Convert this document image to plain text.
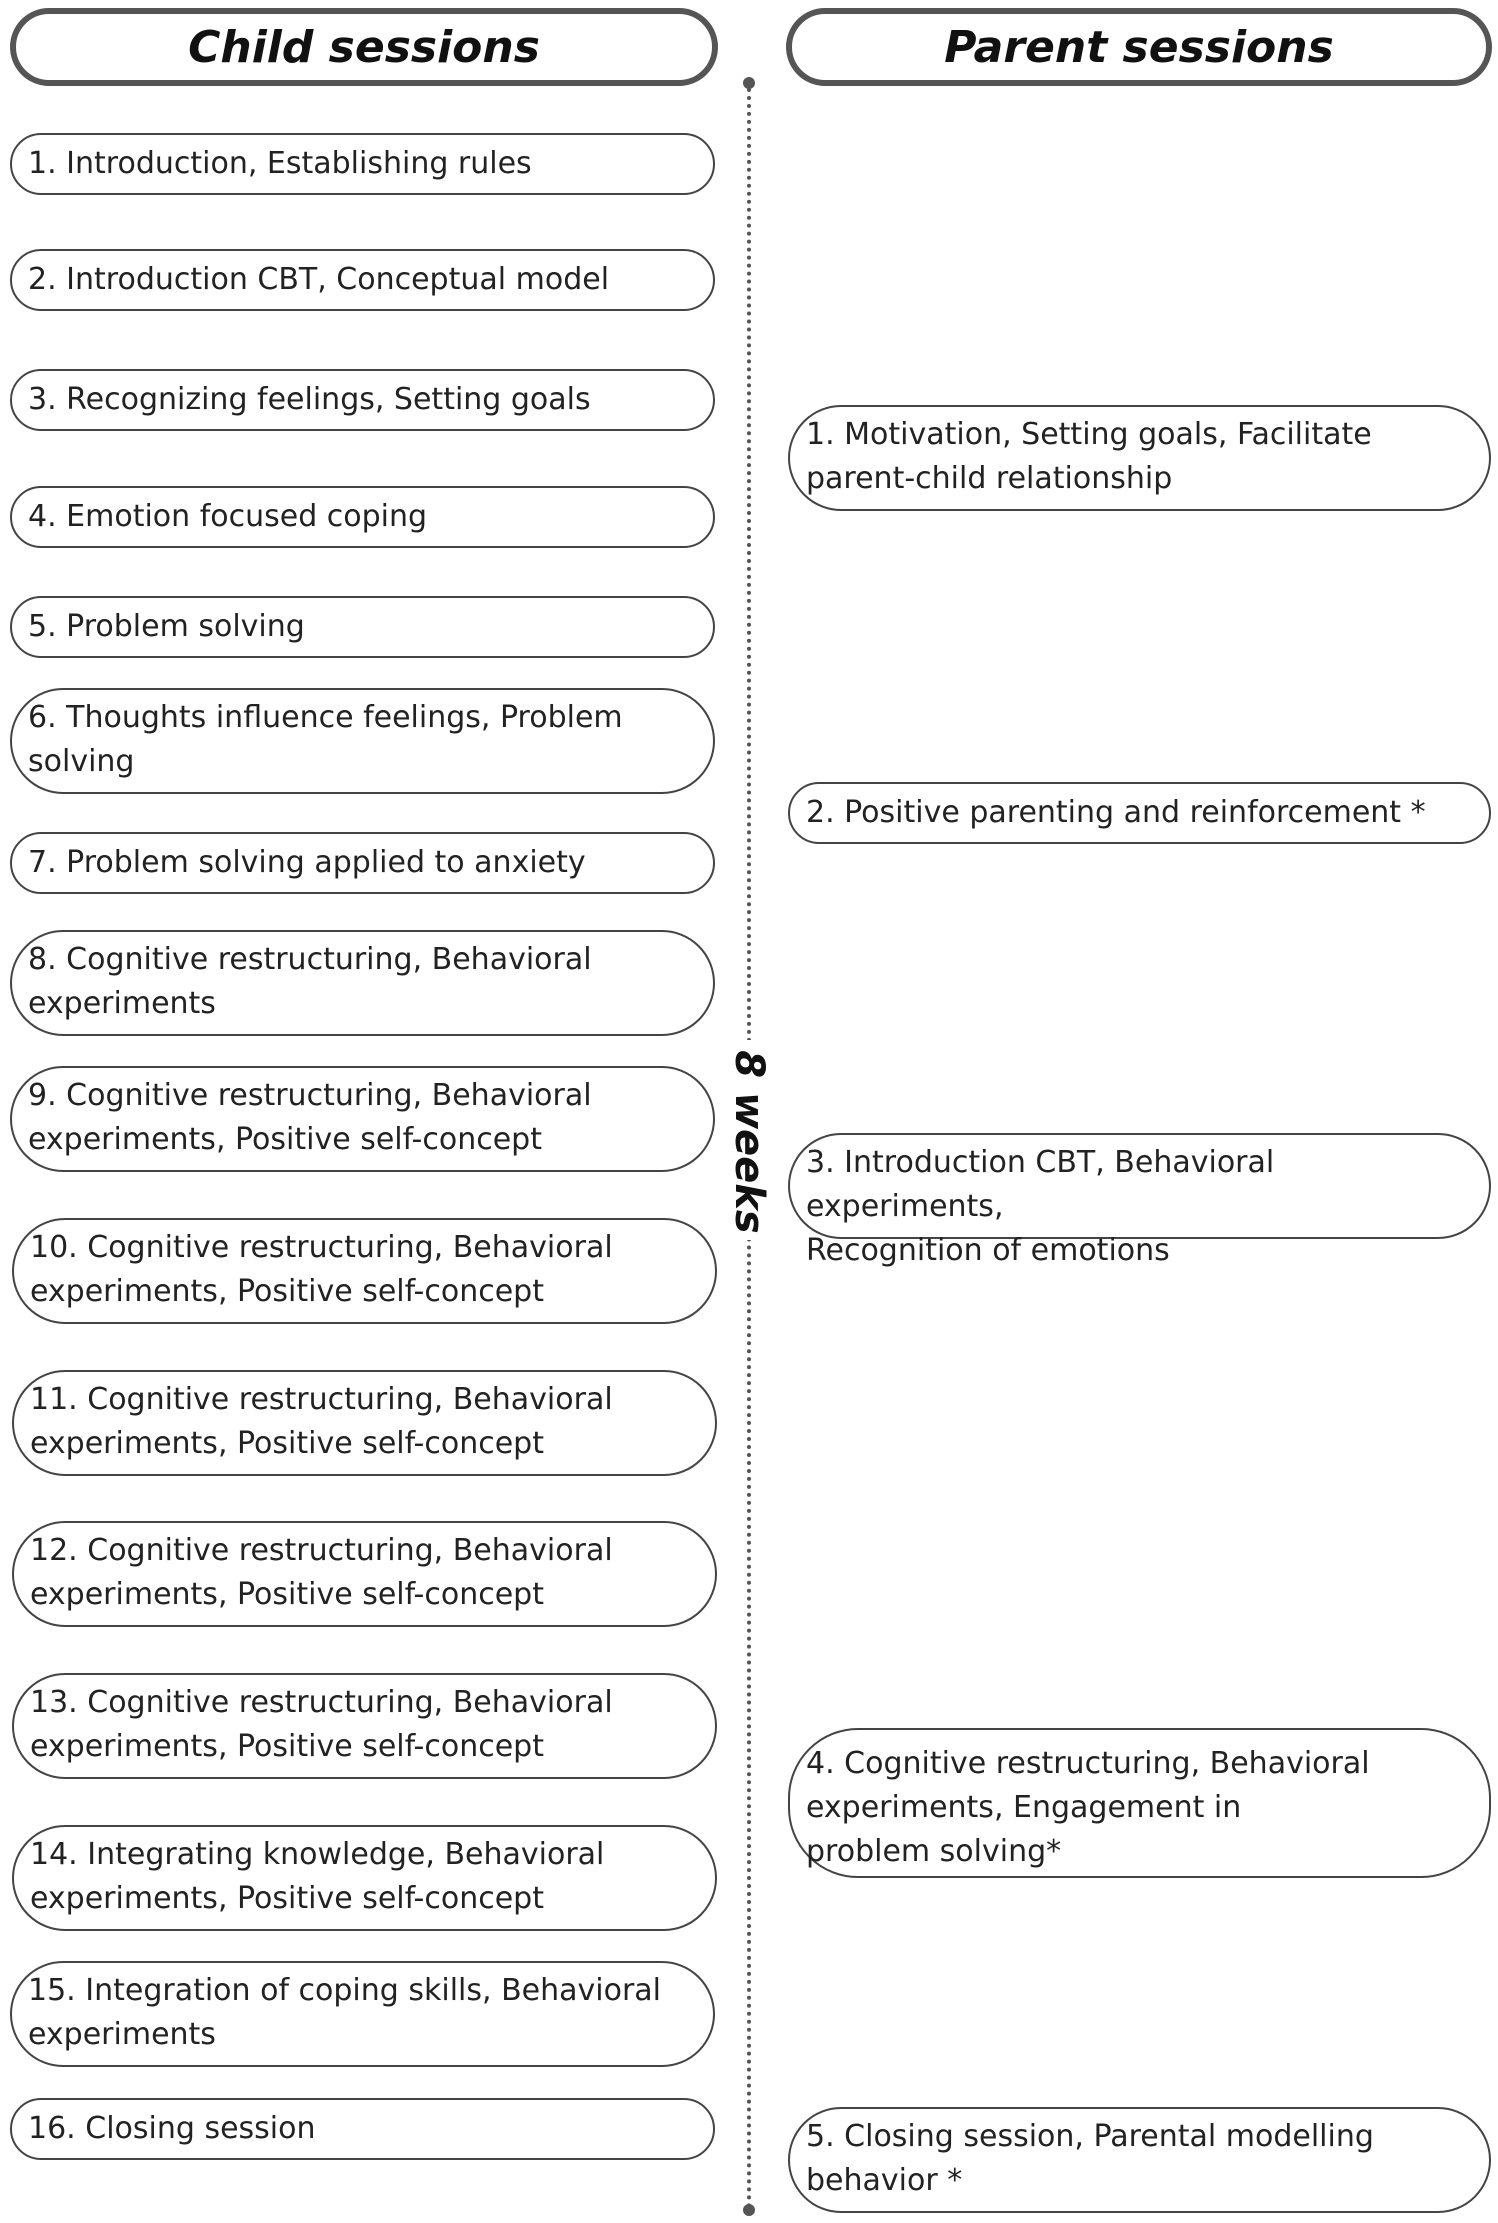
Child sessions	Parent sessions
8 weeks
1. Introduction, Establishing rules
2. Introduction CBT, Conceptual model
3. Recognizing feelings, Setting goals
4. Emotion focused coping
5. Problem solving
6. Thoughts influence feelings, Problem
solving
7. Problem solving applied to anxiety
8. Cognitive restructuring, Behavioral
experiments
9. Cognitive restructuring, Behavioral
experiments, Positive self-concept
10. Cognitive restructuring, Behavioral
experiments, Positive self-concept
11. Cognitive restructuring, Behavioral
experiments, Positive self-concept
12. Cognitive restructuring, Behavioral
experiments, Positive self-concept
13. Cognitive restructuring, Behavioral
experiments, Positive self-concept
14. Integrating knowledge, Behavioral
experiments, Positive self-concept
15. Integration of coping skills, Behavioral
experiments
16. Closing session
1. Motivation, Setting goals, Facilitate
parent-child relationship
2. Positive parenting and reinforcement *
3. Introduction CBT, Behavioral experiments,
Recognition of emotions
4. Cognitive restructuring, Behavioral
experiments, Engagement in
problem solving*
5. Closing session, Parental modelling
behavior *
